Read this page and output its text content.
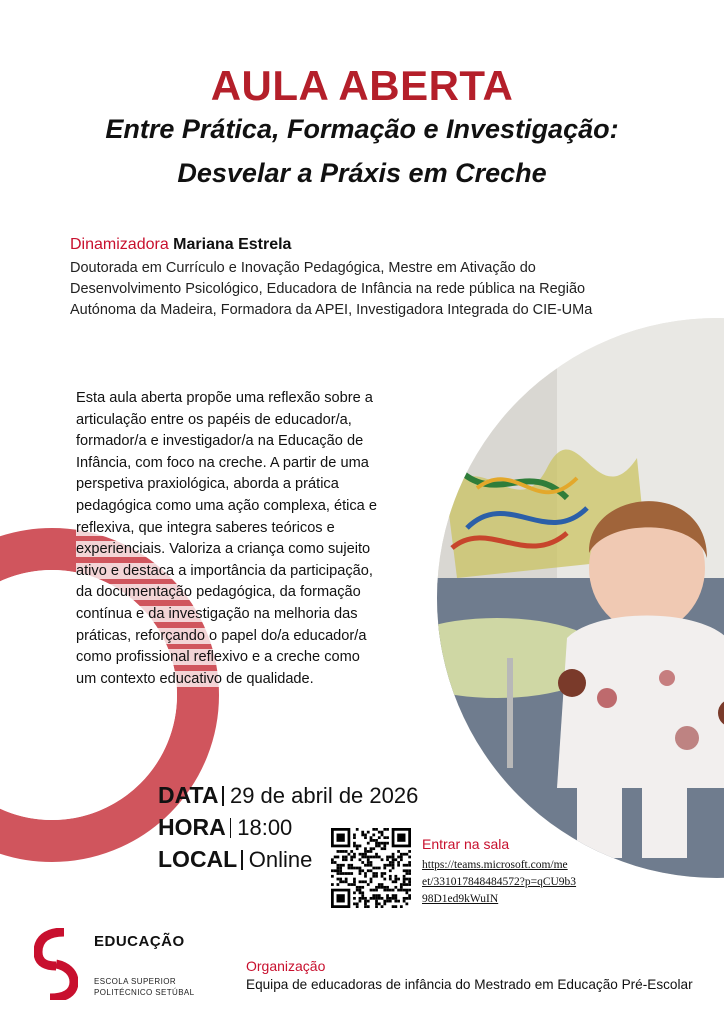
AULA ABERTA
Entre Prática, Formação e Investigação:
Desvelar a Práxis em Creche
Dinamizadora Mariana Estrela
Doutorada em Currículo e Inovação Pedagógica, Mestre em Ativação do
Desenvolvimento Psicológico, Educadora de Infância na rede pública na Região
Autónoma da Madeira, Formadora da APEI, Investigadora Integrada do CIE-UMa
Esta aula aberta propõe uma reflexão sobre a
articulação entre os papéis de educador/a,
formador/a e investigador/a na Educação de
Infância, com foco na creche. A partir de uma
perspetiva praxiológica, aborda a prática
pedagógica como uma ação complexa, ética e
reflexiva, que integra saberes teóricos e
experienciais. Valoriza a criança como sujeito
ativo e destaca a importância da participação,
da documentação pedagógica, da formação
contínua e da investigação na melhoria das
práticas, reforçando o papel do/a educador/a
como profissional reflexivo e a creche como
um contexto educativo de qualidade.
DATA 29 de abril de 2026
HORA 18:00
LOCAL Online
Entrar na sala
https://teams.microsoft.com/me
et/331017848484572?p=qCU9b3
98D1ed9kWuIN
EDUCAÇÃO
ESCOLA SUPERIOR
POLITÉCNICO SETÚBAL
Organização
Equipa de educadoras de infância do Mestrado em Educação Pré-Escolar
